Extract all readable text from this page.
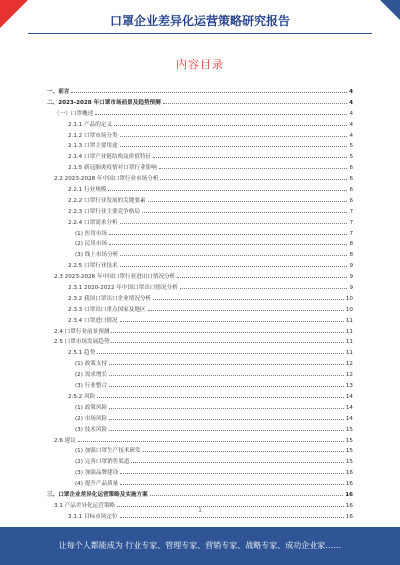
口罩企业差异化运营策略研究报告
内容目录
一、前言	4
二、2023-2028 年口罩市场前景及趋势预测	4
（一）口罩概述	4
2.1.1 产品的定义	4
2.1.2 口罩市场分类	4
2.1.3 口罩主要用途	5
2.1.4 口罩产业链结构及价值特征	5
2.1.5 新冠肺炎疫情对口罩行业影响	6
2.2 2023-2028 年中国口罩行业市场分析	6
2.2.1 行业规模	6
2.2.2 口罩行业发展的关键要素	6
2.2.3 口罩行业主要竞争格局	7
2.2.4 口罩需求分析	7
(1) 医用市场	7
(2) 民用市场	8
(3) 线上市场分析	8
2.2.5 口罩行业技术	9
2.3 2023-2028 年中国口罩行业进出口情况分析	9
2.3.1 2020-2022 年中国口罩出口情况分析	9
2.3.2 我国口罩出口企业情况分析	10
2.3.3 口罩出口重点国家及地区	10
2.3.4 口罩进口情况	11
2.4 口罩行业前景预测	11
2.5 口罩市场发展趋势	11
2.5.1 趋势	11
(1) 政策支持	12
(2) 需求增长	12
(3) 行业整合	13
2.5.2 风险	14
(1) 政策风险	14
(2) 市场风险	14
(3) 技术风险	15
2.6 建议	15
(1) 加强口罩生产技术研发	15
(2) 完善口罩销售渠道	15
(3) 加强品牌建设	16
(4) 提升产品质量	16
三、口罩企业差异化运营策略及实施方案	16
3.1 产品差异化运营策略	16
3.1.1 目标市场定位	16
1
让每个人都能成为 行业专家、管理专家、营销专家、战略专家、成功企业家……
